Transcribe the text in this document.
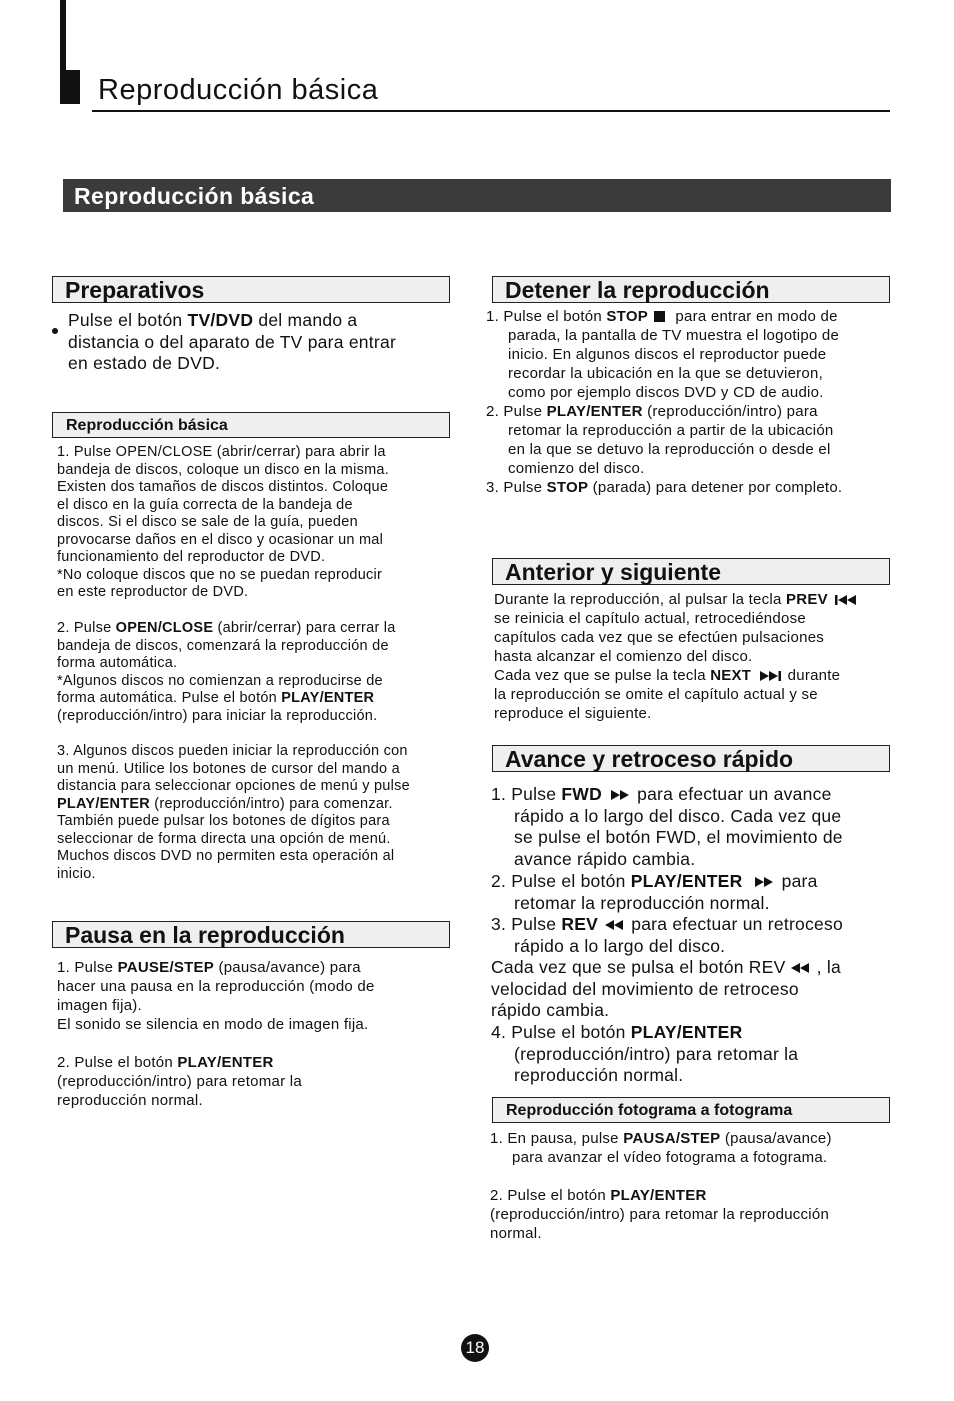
Reproducción básica
Reproducción básica
Preparativos
Pulse el botón TV/DVD del mando a
distancia o del aparato de TV para entrar
en estado de DVD.
Reproducción básica
1. Pulse OPEN/CLOSE (abrir/cerrar) para abrir la
bandeja de discos, coloque un disco en la misma.
Existen dos tamaños de discos distintos. Coloque
el disco en la guía correcta de la bandeja de
discos. Si el disco se sale de la guía, pueden
provocarse daños en el disco y ocasionar un mal
funcionamiento del reproductor de DVD.
*No coloque discos que no se puedan reproducir
en este reproductor de DVD.
2. Pulse OPEN/CLOSE (abrir/cerrar) para cerrar la
bandeja de discos, comenzará la reproducción de
forma automática.
*Algunos discos no comienzan a reproducirse de
forma automática. Pulse el botón PLAY/ENTER
(reproducción/intro) para iniciar la reproducción.
3. Algunos discos pueden iniciar la reproducción con
un menú. Utilice los botones de cursor del mando a
distancia para seleccionar opciones de menú y pulse
PLAY/ENTER (reproducción/intro) para comenzar.
También puede pulsar los botones de dígitos para
seleccionar de forma directa una opción de menú.
Muchos discos DVD no permiten esta operación al
inicio.
Pausa en la reproducción
1. Pulse PAUSE/STEP (pausa/avance) para
hacer una pausa en la reproducción (modo de
imagen fija).
El sonido se silencia en modo de imagen fija.
2. Pulse el botón PLAY/ENTER
(reproducción/intro) para retomar la
reproducción normal.
Detener la reproducción
1. Pulse el botón STOP para entrar en modo de
parada, la pantalla de TV muestra el logotipo de
inicio. En algunos discos el reproductor puede
recordar la ubicación en la que se detuvieron,
como por ejemplo discos DVD y CD de audio.
2. Pulse PLAY/ENTER (reproducción/intro) para
retomar la reproducción a partir de la ubicación
en la que se detuvo la reproducción o desde el
comienzo del disco.
3. Pulse STOP (parada) para detener por completo.
Anterior y siguiente
Durante la reproducción, al pulsar la tecla PREV
se reinicia el capítulo actual, retrocediéndose
capítulos cada vez que se efectúen pulsaciones
hasta alcanzar el comienzo del disco.
Cada vez que se pulse la tecla NEXT durante
la reproducción se omite el capítulo actual y se
reproduce el siguiente.
Avance y retroceso rápido
1. Pulse FWD para efectuar un avance
rápido a lo largo del disco. Cada vez que
se pulse el botón FWD, el movimiento de
avance rápido cambia.
2. Pulse el botón PLAY/ENTER para
retomar la reproducción normal.
3. Pulse REV para efectuar un retroceso
rápido a lo largo del disco.
Cada vez que se pulsa el botón REV , la
velocidad del movimiento de retroceso
rápido cambia.
4. Pulse el botón PLAY/ENTER
(reproducción/intro) para retomar la
reproducción normal.
Reproducción fotograma a fotograma
1. En pausa, pulse PAUSA/STEP (pausa/avance)
para avanzar el vídeo fotograma a fotograma.
2. Pulse el botón PLAY/ENTER
(reproducción/intro) para retomar la reproducción
normal.
18
